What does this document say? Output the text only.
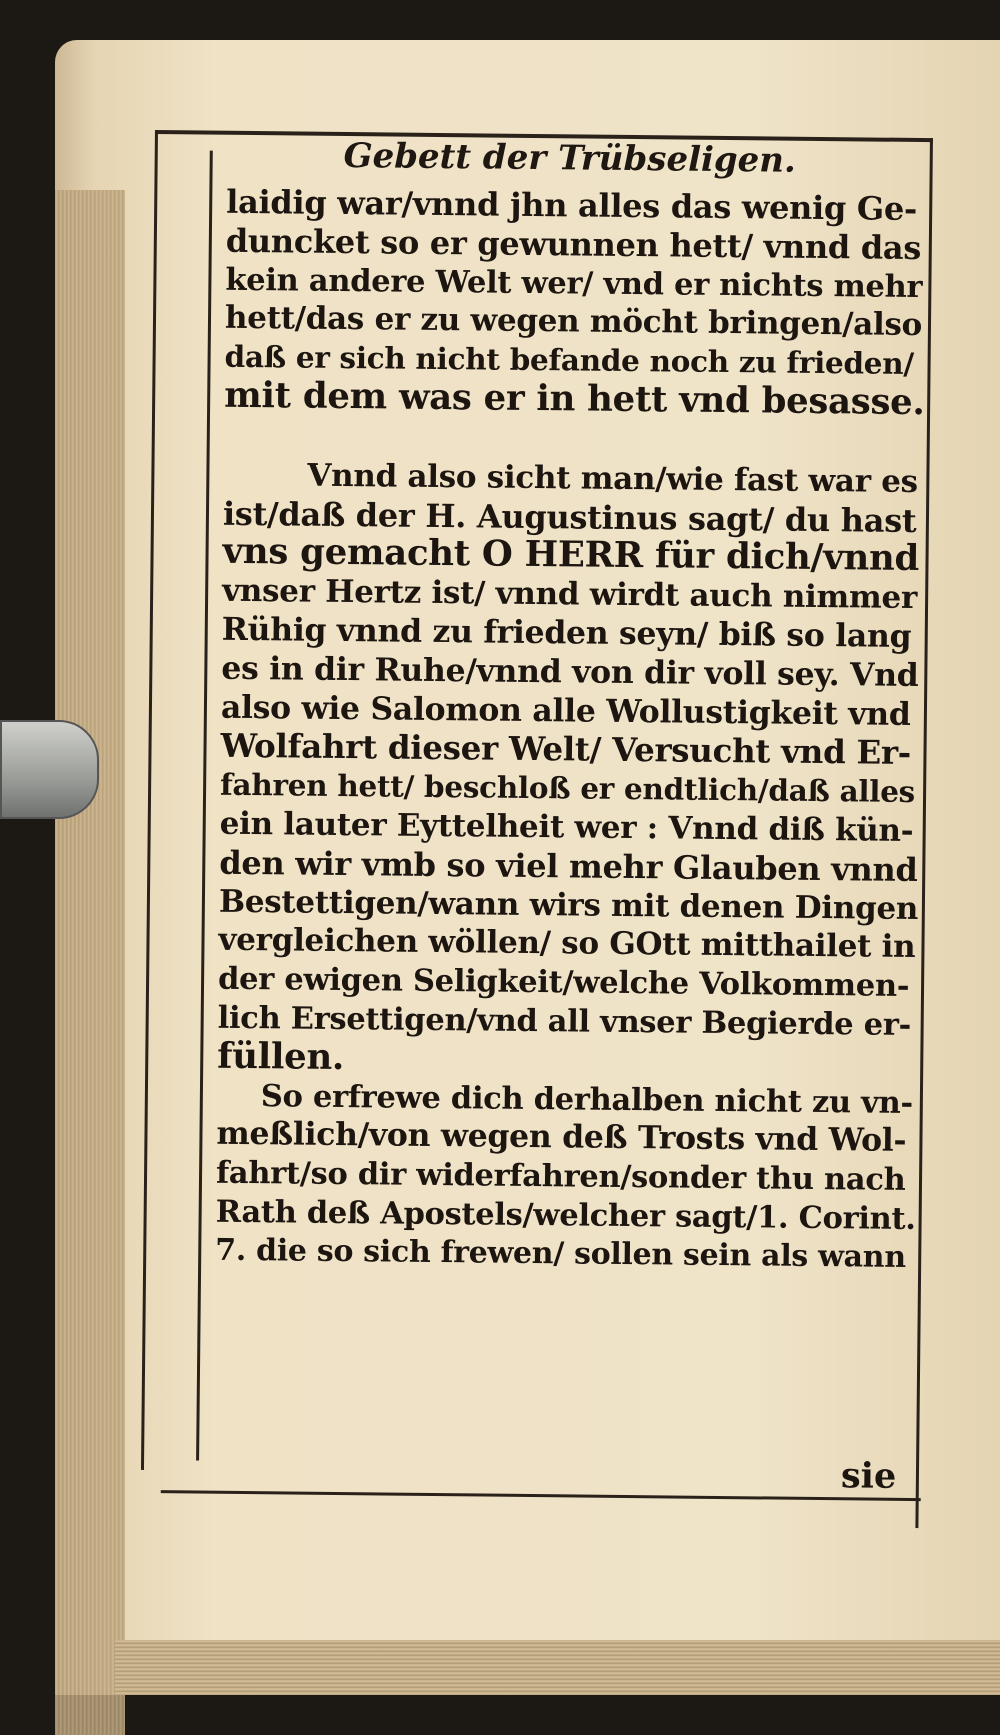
Gebett der Trübseligen.
laidig war/vnnd jhn alles das wenig Ge-
duncket so er gewunnen hett/ vnnd das
kein andere Welt wer/ vnd er nichts mehr
hett/das er zu wegen möcht bringen/also
daß er sich nicht befande noch zu frieden/
mit dem was er in hett vnd besasse.
Vnnd also sicht man/wie fast war es
ist/daß der H. Augustinus sagt/ du hast
vns gemacht O HERR für dich/vnnd
vnser Hertz ist/ vnnd wirdt auch nimmer
Rühig vnnd zu frieden seyn/ biß so lang
es in dir Ruhe/vnnd von dir voll sey. Vnd
also wie Salomon alle Wollustigkeit vnd
Wolfahrt dieser Welt/ Versucht vnd Er-
fahren hett/ beschloß er endtlich/daß alles
ein lauter Eyttelheit wer : Vnnd diß kün-
den wir vmb so viel mehr Glauben vnnd
Bestettigen/wann wirs mit denen Dingen
vergleichen wöllen/ so GOtt mitthailet in
der ewigen Seligkeit/welche Volkommen-
lich Ersettigen/vnd all vnser Begierde er-
füllen.
So erfrewe dich derhalben nicht zu vn-
meßlich/von wegen deß Trosts vnd Wol-
fahrt/so dir widerfahren/sonder thu nach
Rath deß Apostels/welcher sagt/1. Corint.
7. die so sich frewen/ sollen sein als wann
sie
